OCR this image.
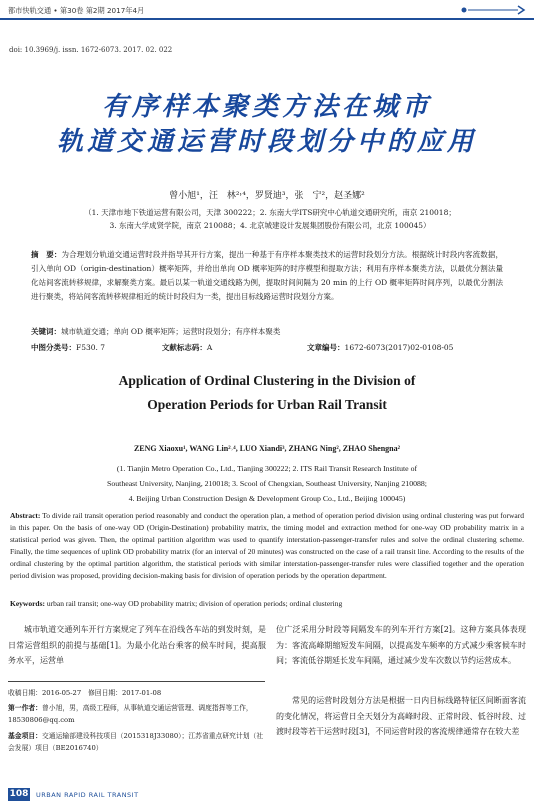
都市快轨交通 • 第30卷 第2期 2017年4月
doi: 10.3969/j. issn. 1672-6073. 2017. 02. 022
有序样本聚类方法在城市
轨道交通运营时段划分中的应用
曾小旭¹，汪　林²˒⁴，罗贤迪³，张　宁²，赵圣娜²
（1. 天津市地下铁道运营有限公司，天津 300222；2. 东南大学ITS研究中心轨道交通研究所，南京 210018；
3. 东南大学成贤学院，南京 210088；4. 北京城建设计发展集团股份有限公司，北京 100045）
摘　要：为合理划分轨道交通运营时段并指导其开行方案，提出一种基于有序样本聚类技术的运营时段划分方法。根据统计时段内客流数据，引入单向 OD（origin-destination）概率矩阵，并给出单向 OD 概率矩阵的时序模型和提取方法；利用有序样本聚类方法，以最优分割法量化站间客流转移规律，求解聚类方案。最后以某一轨道交通线路为例，提取时间间隔为 20 min 的上行 OD 概率矩阵时间序列，以最优分割法进行聚类，将站间客流转移规律相近的统计时段归为一类，提出目标线路运营时段划分方案。
关键词：城市轨道交通；单向 OD 概率矩阵；运营时段划分；有序样本聚类
中图分类号：F530. 7	文献标志码：A	文章编号：1672-6073(2017)02-0108-05
Application of Ordinal Clustering in the Division of
Operation Periods for Urban Rail Transit
ZENG Xiaoxu¹, WANG Lin²˒⁴, LUO Xiandi³, ZHANG Ning², ZHAO Shengna²
(1. Tianjin Metro Operation Co., Ltd., Tianjing 300222; 2. ITS Rail Transit Research Institute of
Southeast University, Nanjing, 210018; 3. Scool of Chengxian, Southeast University, Nanjing 210088;
4. Beijing Urban Construction Design & Development Group Co., Ltd., Beijing 100045)
Abstract: To divide rail transit operation period reasonably and conduct the operation plan, a method of operation period division using ordinal clustering was put forward in this paper. On the basis of one-way OD (Origin-Destination) probability matrix, the timing model and extraction method for one-way OD probability matrix in a statistical period was given. Then, the optimal partition algorithm was used to quantify interstation-passenger-transfer rules and solve the ordinal clustering scheme. Finally, the time sequences of uplink OD probability matrix (for an interval of 20 minutes) was constructed on the case of a rail transit line. According to the results of the ordinal clustering by the optimal partition algorithm, the statistical periods with similar interstation-passenger-transfer rules were classified together and the operation period division was proposed, providing decision-making basis for division of operation periods by the operation department.
Keywords: urban rail transit; one-way OD probability matrix; division of operation periods; ordinal clustering
城市轨道交通列车开行方案规定了列车在沿线各车站的到发时刻，是日常运营组织的前提与基础[1]。为最小化站台乘客的候车时间，提高服务水平，运营单
位广泛采用分时段等间隔发车的列车开行方案[2]。这种方案具体表现为：客流高峰期缩短发车间隔，以提高发车频率的方式减少乘客候车时间；客流低谷期延长发车间隔，通过减少发车次数以节约运营成本。
常见的运营时段划分方法是根据一日内目标线路特征区间断面客流的变化情况，将运营日全天划分为高峰时段、正常时段、低谷时段、过渡时段等若干运营时段[3]，不同运营时段的客流规律通常存在较大差
收稿日期：2016-05-27　修回日期：2017-01-08
第一作者：曾小旭，男，高级工程师，从事轨道交通运营管理、调度指挥等工作，18530806@qq.com
基金项目：交通运输部建设科技项目（2015318J33080）；江苏省重点研究计划（社会发展）项目（BE2016740）
108 URBAN RAPID RAIL TRANSIT
